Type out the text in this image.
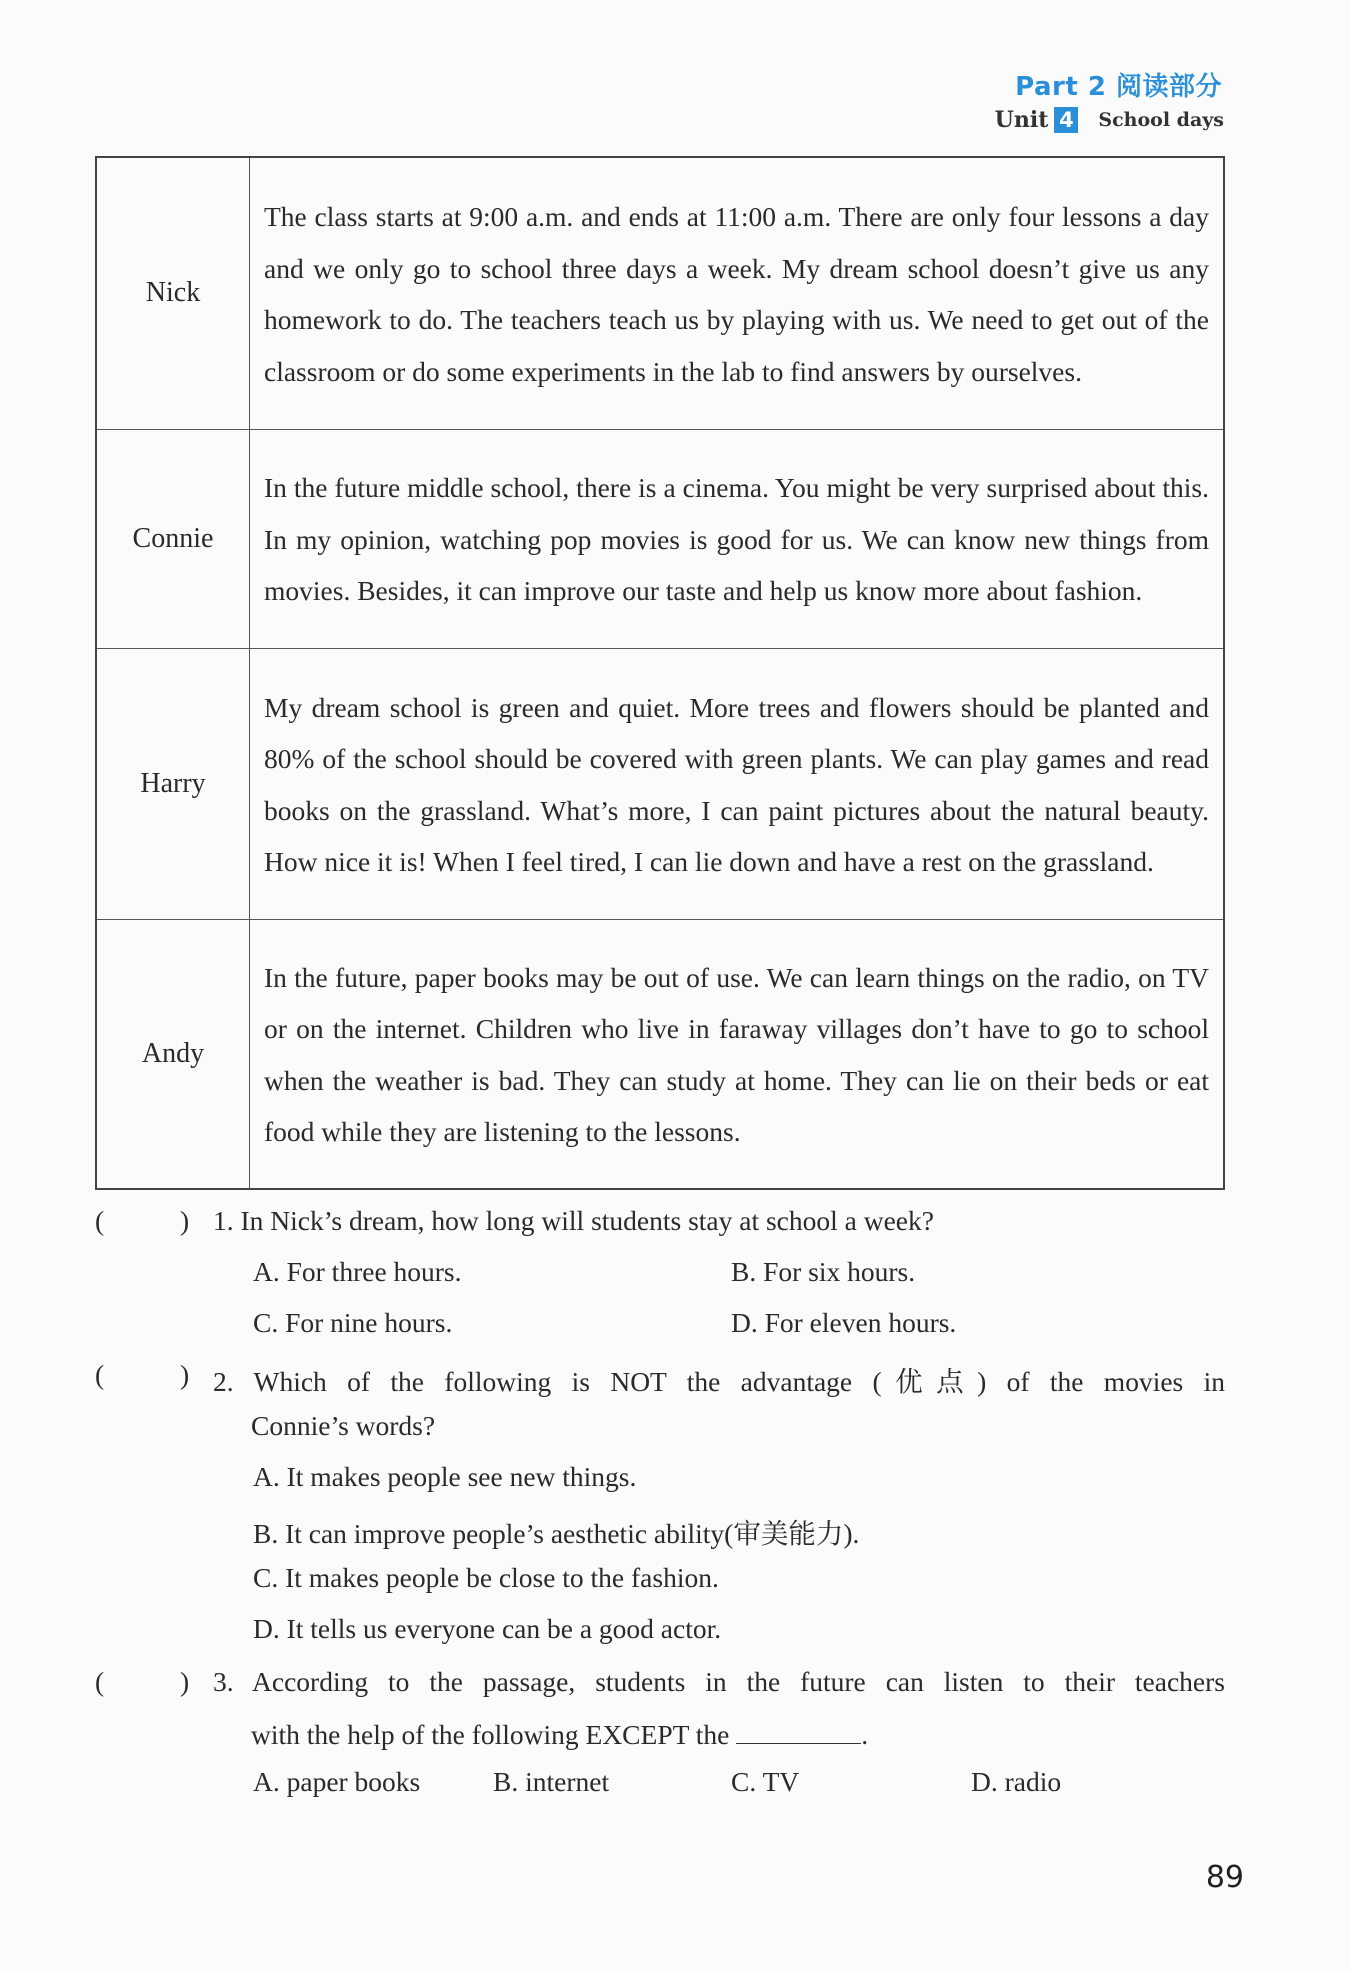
Part 2 阅读部分
Unit 4 School days
Nick	The class starts at 9:00 a.m. and ends at 11:00 a.m. There are only four lessons a day and we only go to school three days a week. My dream school doesn’t give us any homework to do. The teachers teach us by playing with us. We need to get out of the classroom or do some experiments in the lab to find answers by ourselves.
Connie	In the future middle school, there is a cinema. You might be very surprised about this. In my opinion, watching pop movies is good for us. We can know new things from movies. Besides, it can improve our taste and help us know more about fashion.
Harry	My dream school is green and quiet. More trees and flowers should be planted and 80% of the school should be covered with green plants. We can play games and read books on the grassland. What’s more, I can paint pictures about the natural beauty. How nice it is! When I feel tired, I can lie down and have a rest on the grassland.
Andy	In the future, paper books may be out of use. We can learn things on the radio, on TV or on the internet. Children who live in faraway villages don’t have to go to school when the weather is bad. They can study at home. They can lie on their beds or eat food while they are listening to the lessons.
(	) 1. In Nick’s dream, how long will students stay at school a week?
A. For three hours.	B. For six hours.
C. For nine hours.	D. For eleven hours.
(	) 2. Which of the following is NOT the advantage (优点) of the movies in
Connie’s words?
A. It makes people see new things.
B. It can improve people’s aesthetic ability(审美能力).
C. It makes people be close to the fashion.
D. It tells us everyone can be a good actor.
(	) 3. According to the passage, students in the future can listen to their teachers
with the help of the following EXCEPT the	.
A. paper books	B. internet	C. TV	D. radio
89
